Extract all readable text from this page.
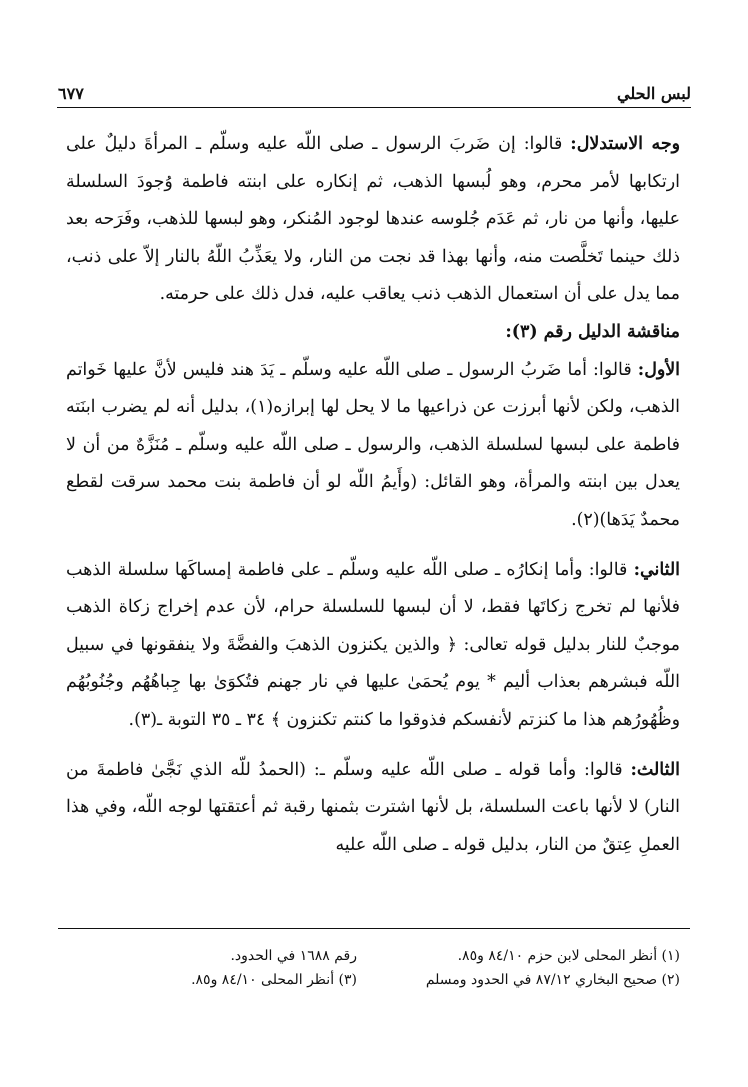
لبس الحلي
٦٧٧

وجه الاستدلال: قالوا: إن ضَربَ الرسول ـ صلى اللّه عليه وسلّم ـ المرأةَ دليلٌ على ارتكابها لأمر محرم، وهو لُبسها الذهب، ثم إنكاره على ابنته فاطمة وُجودَ السلسلة عليها، وأنها من نار، ثم عَدَم جُلوسه عندها لوجود المُنكر، وهو لبسها للذهب، وفَرَحه بعد ذلك حينما تَخلَّصت منه، وأنها بهذا قد نجت من النار، ولا يعَذِّبُ اللّهُ بالنار إلاّ على ذنب، مما يدل على أن استعمال الذهب ذنب يعاقب عليه، فدل ذلك على حرمته.

مناقشة الدليل رقم (٣):

الأول: قالوا: أما ضَربُ الرسول ـ صلى اللّه عليه وسلّم ـ يَدَ هند فليس لأنَّ عليها خَواتم الذهب، ولكن لأنها أبرزت عن ذراعيها ما لا يحل لها إبرازه(١)، بدليل أنه لم يضرب ابنَته فاطمة على لبسها لسلسلة الذهب، والرسول ـ صلى اللّه عليه وسلّم ـ مُنَزَّهٌ من أن لا يعدل بين ابنته والمرأة، وهو القائل: (وأَيمُ اللّه لو أن فاطمة بنت محمد سرقت لقطع محمدٌ يَدَها)(٢).

الثاني: قالوا: وأما إنكارُه ـ صلى اللّه عليه وسلّم ـ على فاطمة إمساكَها سلسلة الذهب فلأنها لم تخرج زكاتَها فقط، لا أن لبسها للسلسلة حرام، لأن عدم إخراج زكاة الذهب موجبٌ للنار بدليل قوله تعالى: ﴿ والذين يكنزون الذهبَ والفضَّةَ ولا ينفقونها في سبيل اللّه فبشرهم بعذاب أليم * يوم يُحمَىٰ عليها في نار جهنم فتُكوَىٰ بها جِباهُهُم وجُنُوبُهُم وظُهُورُهم هذا ما كنزتم لأنفسكم فذوقوا ما كنتم تكنزون ﴾ ٣٤ ـ ٣٥ التوبة ـ(٣).

الثالث: قالوا: وأما قوله ـ صلى اللّه عليه وسلّم ـ: (الحمدُ للّه الذي نَجَّىٰ فاطمةَ من النار) لا لأنها باعت السلسلة، بل لأنها اشترت بثمنها رقبة ثم أعتقتها لوجه اللّه، وفي هذا العملِ عِتقٌ من النار، بدليل قوله ـ صلى اللّه عليه

(١) أنظر المحلى لابن حزم ٨٤/١٠ و٨٥.
رقم ١٦٨٨ في الحدود.
(٢) صحيح البخاري ٨٧/١٢ في الحدود ومسلم
(٣) أنظر المحلى ٨٤/١٠ و٨٥.
